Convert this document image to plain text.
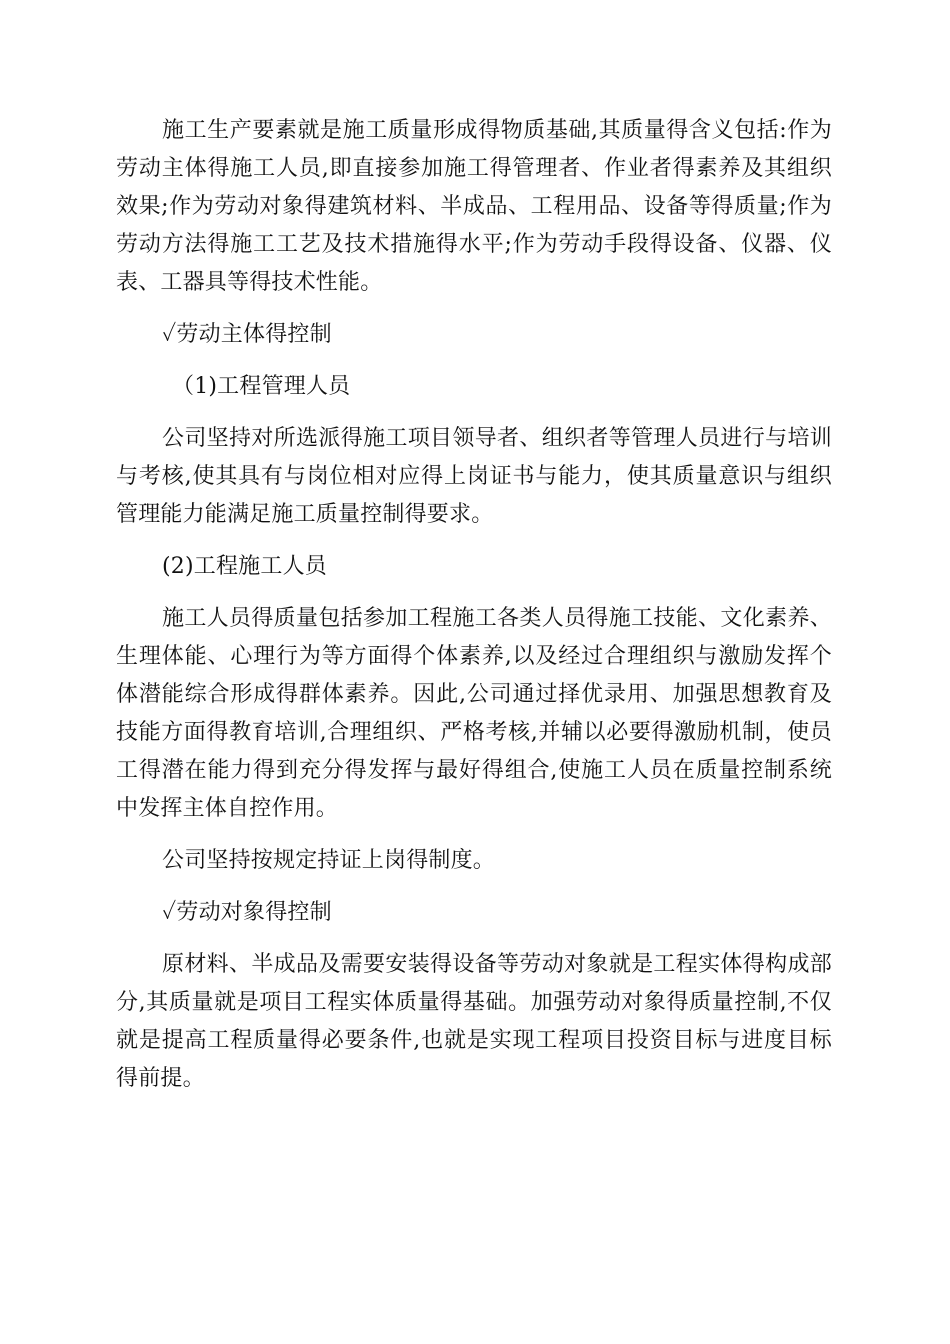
施工生产要素就是施工质量形成得物质基础,其质量得含义包括:作为劳动主体得施工人员,即直接参加施工得管理者、作业者得素养及其组织效果;作为劳动对象得建筑材料、半成品、工程用品、设备等得质量;作为劳动方法得施工工艺及技术措施得水平;作为劳动手段得设备、仪器、仪表、工器具等得技术性能。

✓劳动主体得控制

（1)工程管理人员

公司坚持对所选派得施工项目领导者、组织者等管理人员进行与培训与考核,使其具有与岗位相对应得上岗证书与能力，使其质量意识与组织管理能力能满足施工质量控制得要求。

(2)工程施工人员

施工人员得质量包括参加工程施工各类人员得施工技能、文化素养、生理体能、心理行为等方面得个体素养,以及经过合理组织与激励发挥个体潜能综合形成得群体素养。因此,公司通过择优录用、加强思想教育及技能方面得教育培训,合理组织、严格考核,并辅以必要得激励机制，使员工得潜在能力得到充分得发挥与最好得组合,使施工人员在质量控制系统中发挥主体自控作用。

公司坚持按规定持证上岗得制度。

✓劳动对象得控制

原材料、半成品及需要安装得设备等劳动对象就是工程实体得构成部分,其质量就是项目工程实体质量得基础。加强劳动对象得质量控制,不仅就是提高工程质量得必要条件,也就是实现工程项目投资目标与进度目标得前提。
